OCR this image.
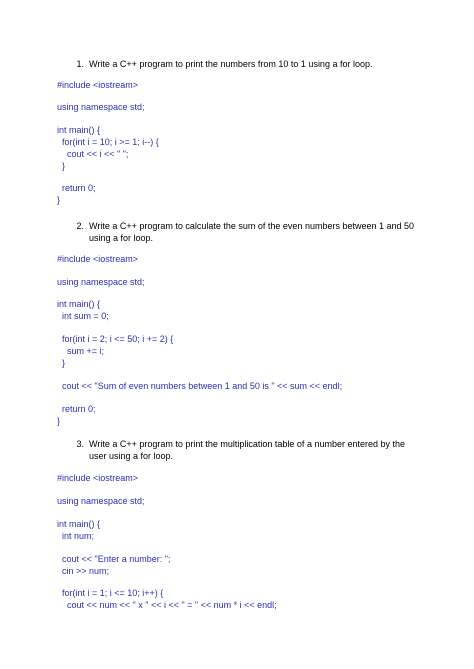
1. Write a C++ program to print the numbers from 10 to 1 using a for loop.
#include <iostream>
using namespace std;
int main() {
for(int i = 10; i >= 1; i--) {
cout << i << " ";
}
return 0;
}
2. Write a C++ program to calculate the sum of the even numbers between 1 and 50 using a for loop.
#include <iostream>
using namespace std;
int main() {
int sum = 0;
for(int i = 2; i <= 50; i += 2) {
sum += i;
}
cout << "Sum of even numbers between 1 and 50 is " << sum << endl;
return 0;
}
3. Write a C++ program to print the multiplication table of a number entered by the user using a for loop.
#include <iostream>
using namespace std;
int main() {
int num;
cout << "Enter a number: ";
cin >> num;
for(int i = 1; i <= 10; i++) {
cout << num << " x " << i << " = " << num * i << endl;
